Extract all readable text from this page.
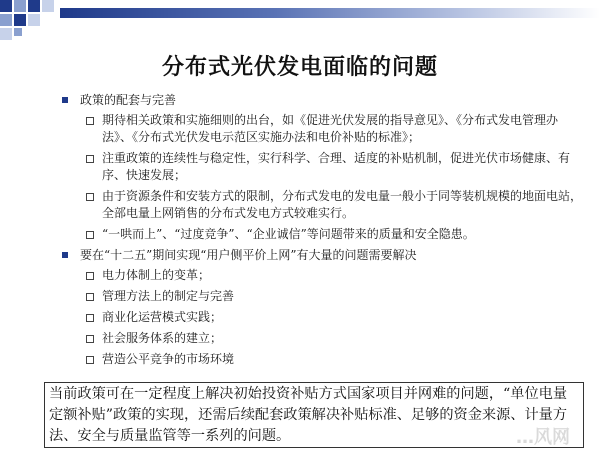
分布式光伏发电面临的问题
政策的配套与完善
期待相关政策和实施细则的出台，如《促进光伏发展的指导意见》、《分布式发电管理办法》、《分布式光伏发电示范区实施办法和电价补贴的标准》；
注重政策的连续性与稳定性，实行科学、合理、适度的补贴机制，促进光伏市场健康、有序、快速发展；
由于资源条件和安装方式的限制，分布式发电的发电量一般小于同等装机规模的地面电站，全部电量上网销售的分布式发电方式较难实行。
“一哄而上”、“过度竞争”、“企业诚信”等问题带来的质量和安全隐患。
要在“十二五”期间实现“用户侧平价上网”有大量的问题需要解决
电力体制上的变革；
管理方法上的制定与完善
商业化运营模式实践；
社会服务体系的建立；
营造公平竞争的市场环境
当前政策可在一定程度上解决初始投资补贴方式国家项目并网难的问题，“单位电量定额补贴”政策的实现，还需后续配套政策解决补贴标准、足够的资金来源、计量方法、安全与质量监管等一系列的问题。	…风网
